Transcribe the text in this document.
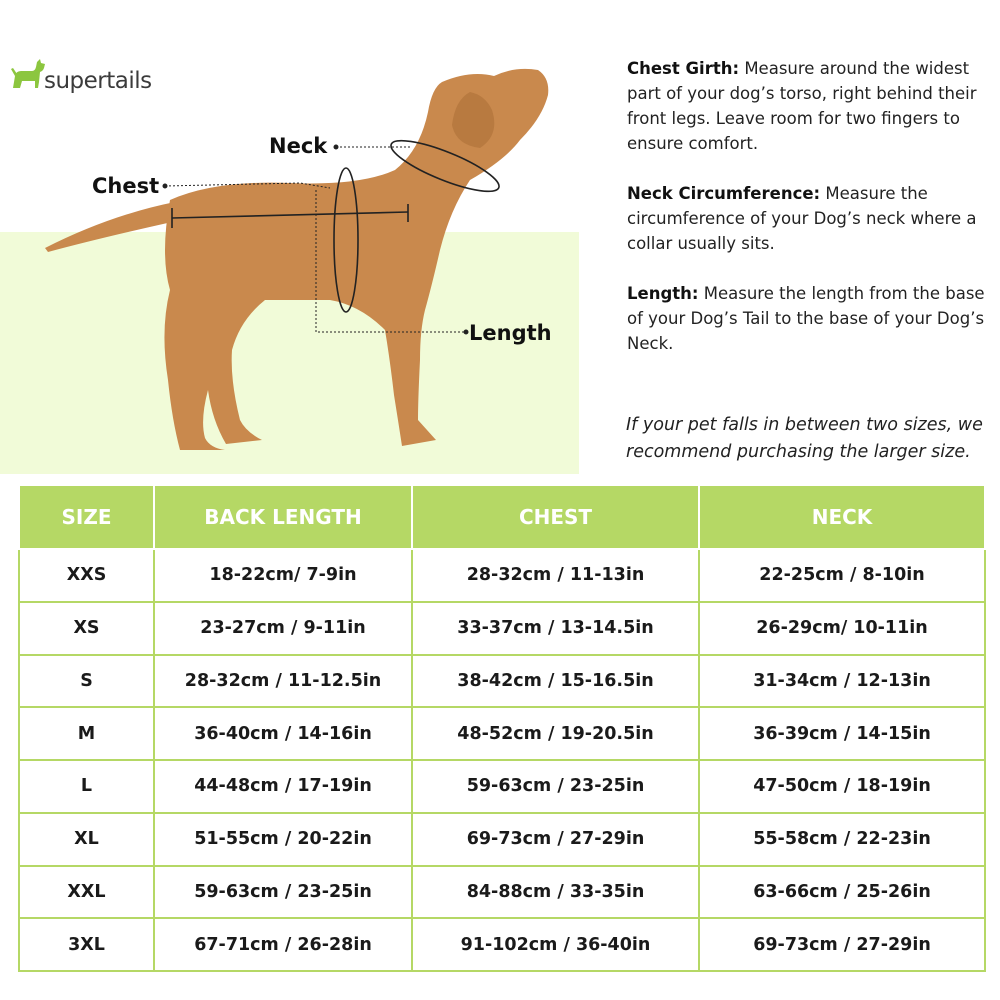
supertails
Neck
Chest
Length

Chest Girth: Measure around the widest part of your dog’s torso, right behind their front legs. Leave room for two fingers to ensure comfort.

Neck Circumference: Measure the circumference of your Dog’s neck where a collar usually sits.

Length: Measure the length from the base of your Dog’s Tail to the base of your Dog’s Neck.

If your pet falls in between two sizes, we recommend purchasing the larger size.
SIZE	BACK LENGTH	CHEST	NECK
XXS	18-22cm/ 7-9in	28-32cm / 11-13in	22-25cm / 8-10in
XS	23-27cm / 9-11in	33-37cm / 13-14.5in	26-29cm/ 10-11in
S	28-32cm / 11-12.5in	38-42cm / 15-16.5in	31-34cm / 12-13in
M	36-40cm / 14-16in	48-52cm / 19-20.5in	36-39cm / 14-15in
L	44-48cm / 17-19in	59-63cm / 23-25in	47-50cm / 18-19in
XL	51-55cm / 20-22in	69-73cm / 27-29in	55-58cm / 22-23in
XXL	59-63cm / 23-25in	84-88cm / 33-35in	63-66cm / 25-26in
3XL	67-71cm / 26-28in	91-102cm / 36-40in	69-73cm / 27-29in
